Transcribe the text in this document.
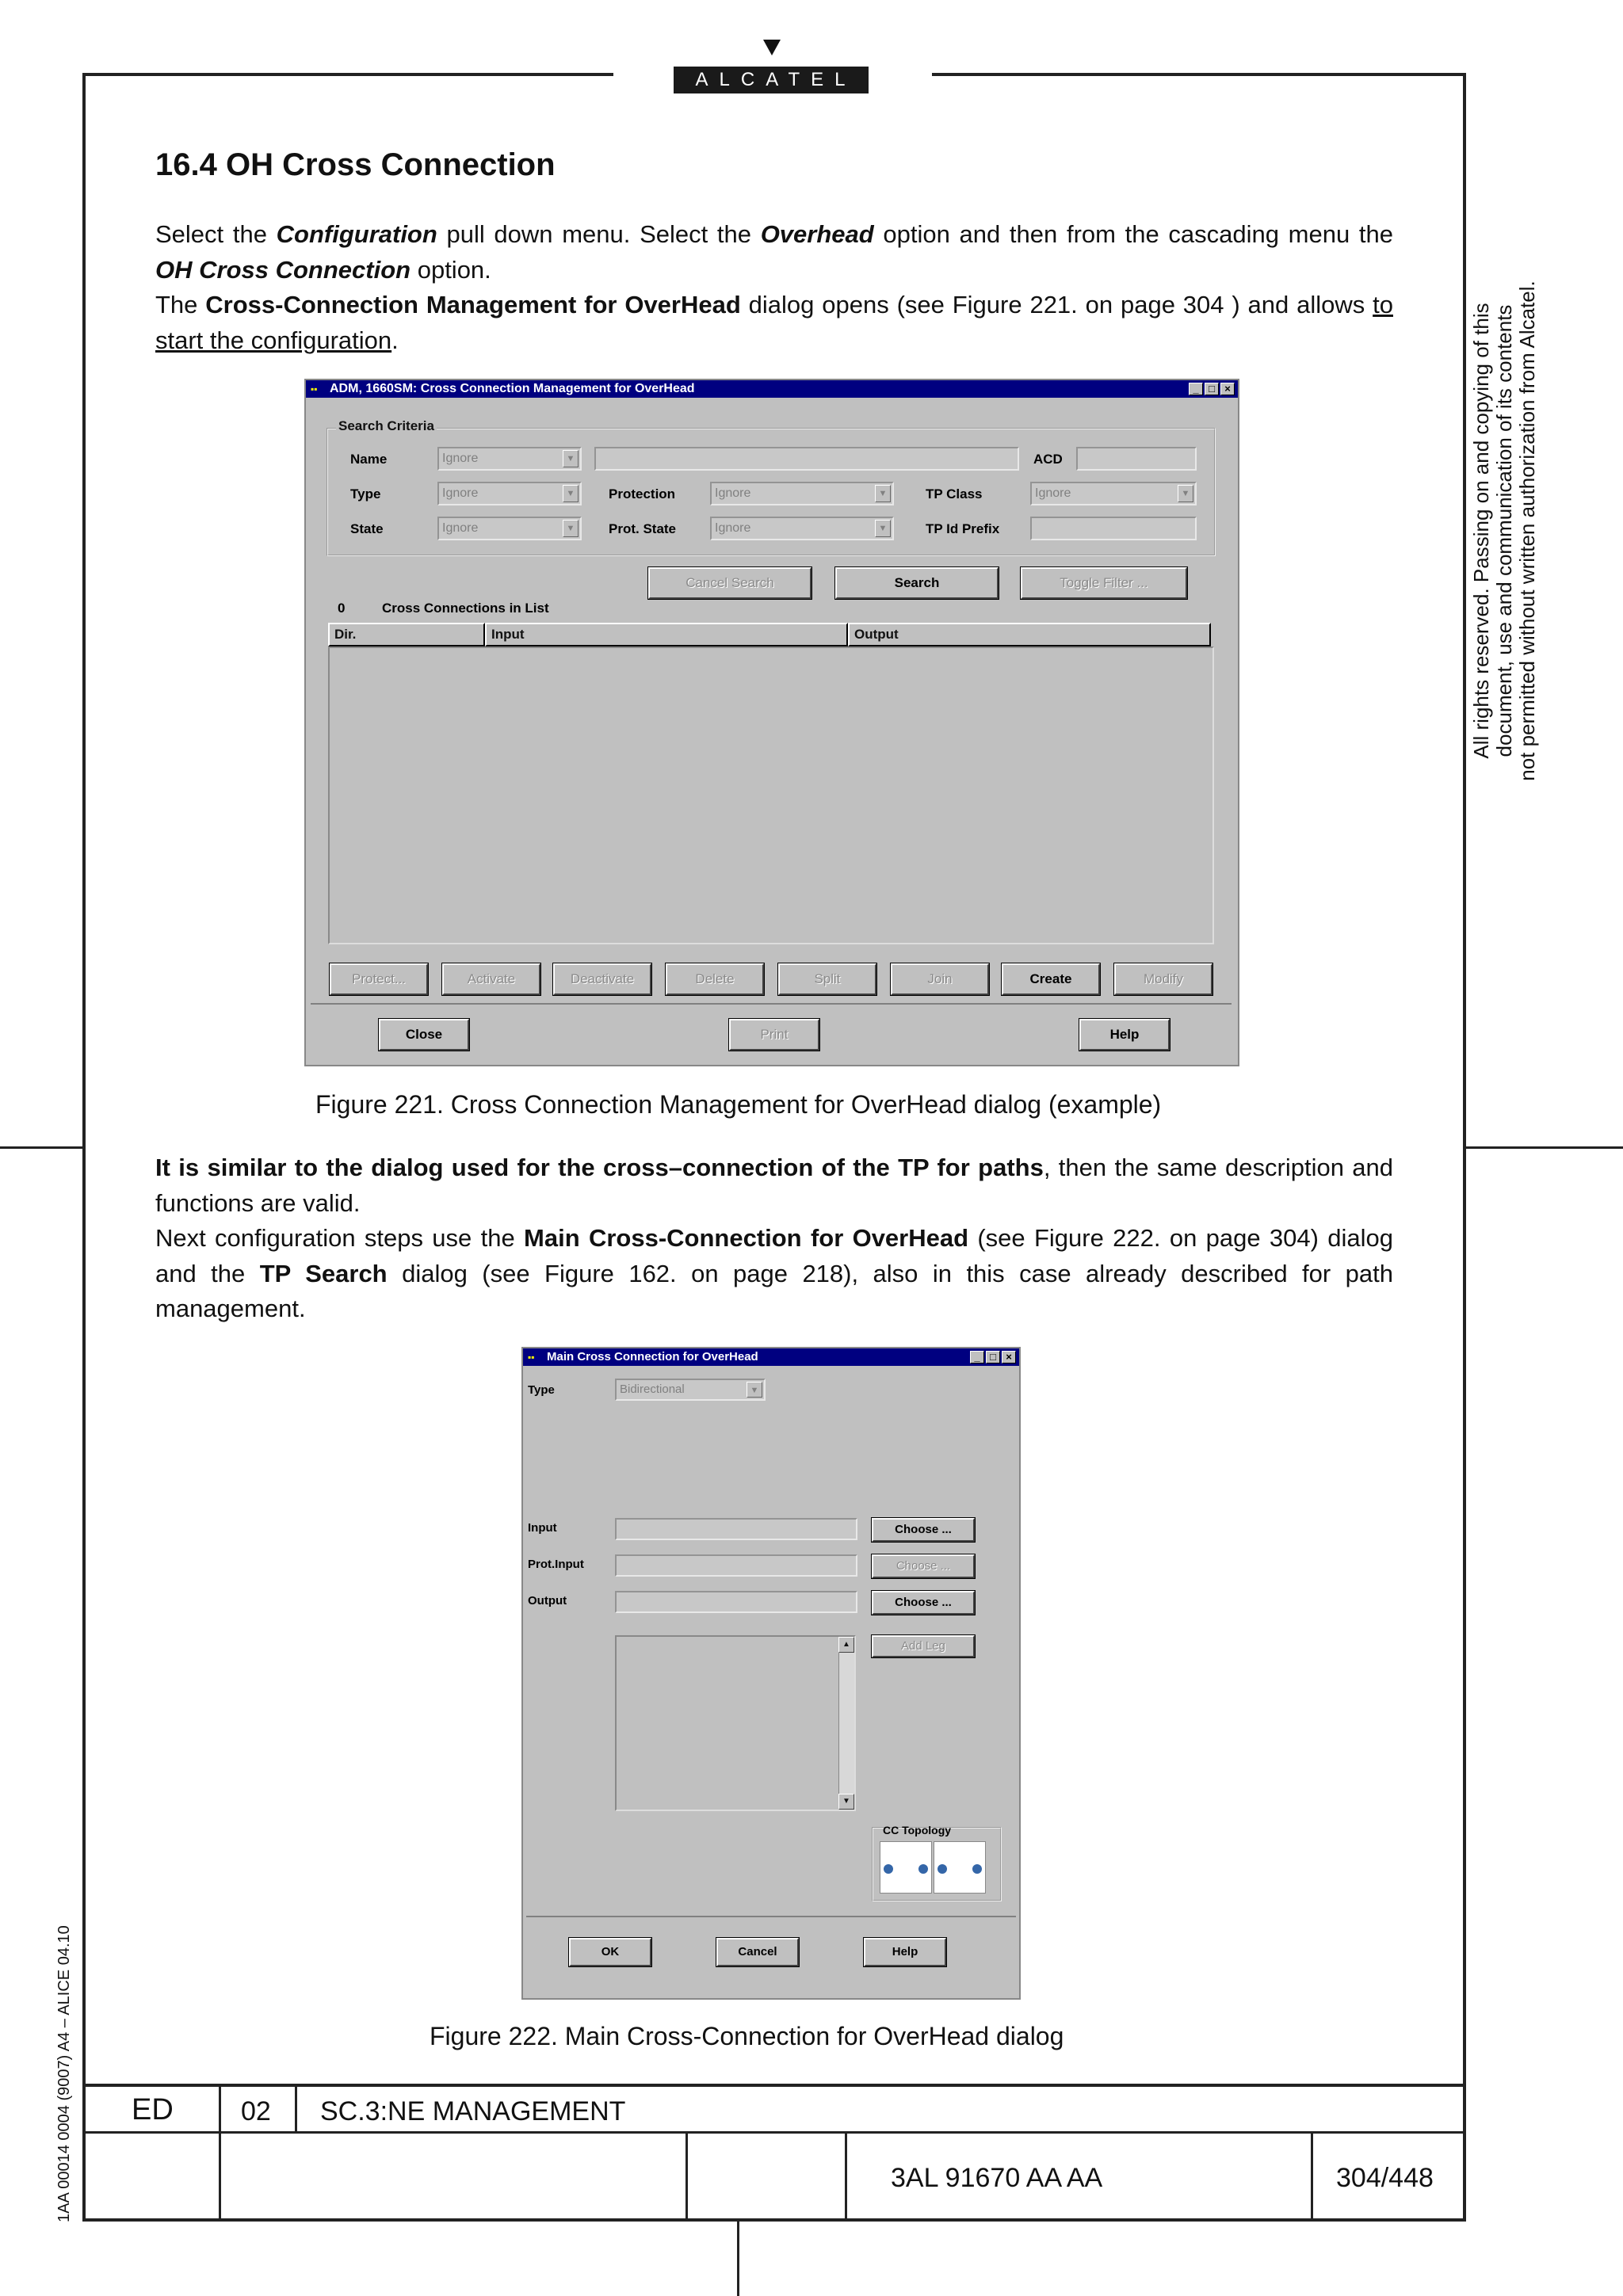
ALCATEL
16.4 OH Cross Connection
Select the Configuration pull down menu. Select the Overhead option and then from the cascading menu the OH Cross Connection option.
The Cross-Connection Management for OverHead dialog opens (see Figure 221. on page 304 ) and allows to start the configuration.
▪▪ ADM, 1660SM: Cross Connection Management for OverHead	_ □ ×
Search Criteria
Name	Ignore	▼	ACD
Type	Ignore	▼	Protection	Ignore	▼	TP Class	Ignore	▼
State	Ignore	▼	Prot. State	Ignore	▼	TP Id Prefix
Cancel Search	Search	Toggle Filter ...
0	Cross Connections in List
Dir.	Input	Output
Protect...	Activate	Deactivate	Delete	Split	Join	Create	Modify
Close	Print	Help
Figure 221. Cross Connection Management for OverHead dialog (example)
It is similar to the dialog used for the cross–connection of the TP for paths, then the same description and functions are valid.
Next configuration steps use the Main Cross-Connection for OverHead (see Figure 222. on page 304) dialog and the TP Search dialog (see Figure 162. on page 218), also in this case already described for path management.
▪▪	Main Cross Connection for OverHead	_ □ ×
Type	Bidirectional	▼
Input	Choose ...
Prot.Input	Choose ...
Output	Choose ...
▲
▼
Add Leg
CC Topology
OK	Cancel	Help
Figure 222. Main Cross-Connection for OverHead dialog
All rights reserved. Passing on and copying of this document, use and communication of its contents not permitted without written authorization from Alcatel.
1AA 00014 0004 (9007) A4 – ALICE 04.10 ED	02 SC.3:NE MANAGEMENT
3AL 91670 AA AA	304/448
